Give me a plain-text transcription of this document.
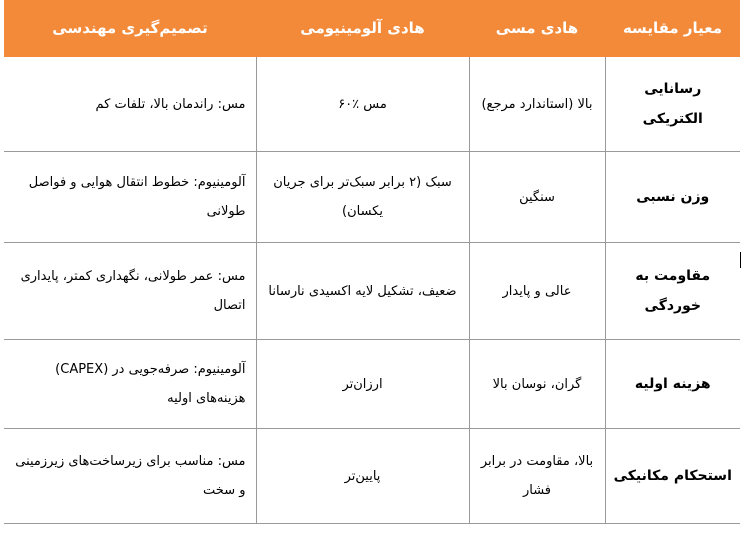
معیار مقایسه	هادی مسی	هادی آلومینیومی	تصمیم‌گیری مهندسی
رسانایی الکتریکی	بالا (استاندارد مرجع)	مس ٪۶۰	مس: راندمان بالا، تلفات کم
وزن نسبی	سنگین	سبک (۲ برابر سبک‌تر برای جریان یکسان)	آلومینیوم: خطوط انتقال هوایی و فواصل طولانی
مقاومت به خوردگی	عالی و پایدار	ضعیف، تشکیل لایه اکسیدی نارسانا	مس: عمر طولانی، نگهداری کمتر، پایداری اتصال
هزینه اولیه	گران، نوسان بالا	ارزان‌تر	آلومینیوم: صرفه‌جویی در (CAPEX) هزینه‌های اولیه
استحکام مکانیکی	بالا، مقاومت در برابر فشار	پایین‌تر	مس: مناسب برای زیرساخت‌های زیرزمینی و سخت
